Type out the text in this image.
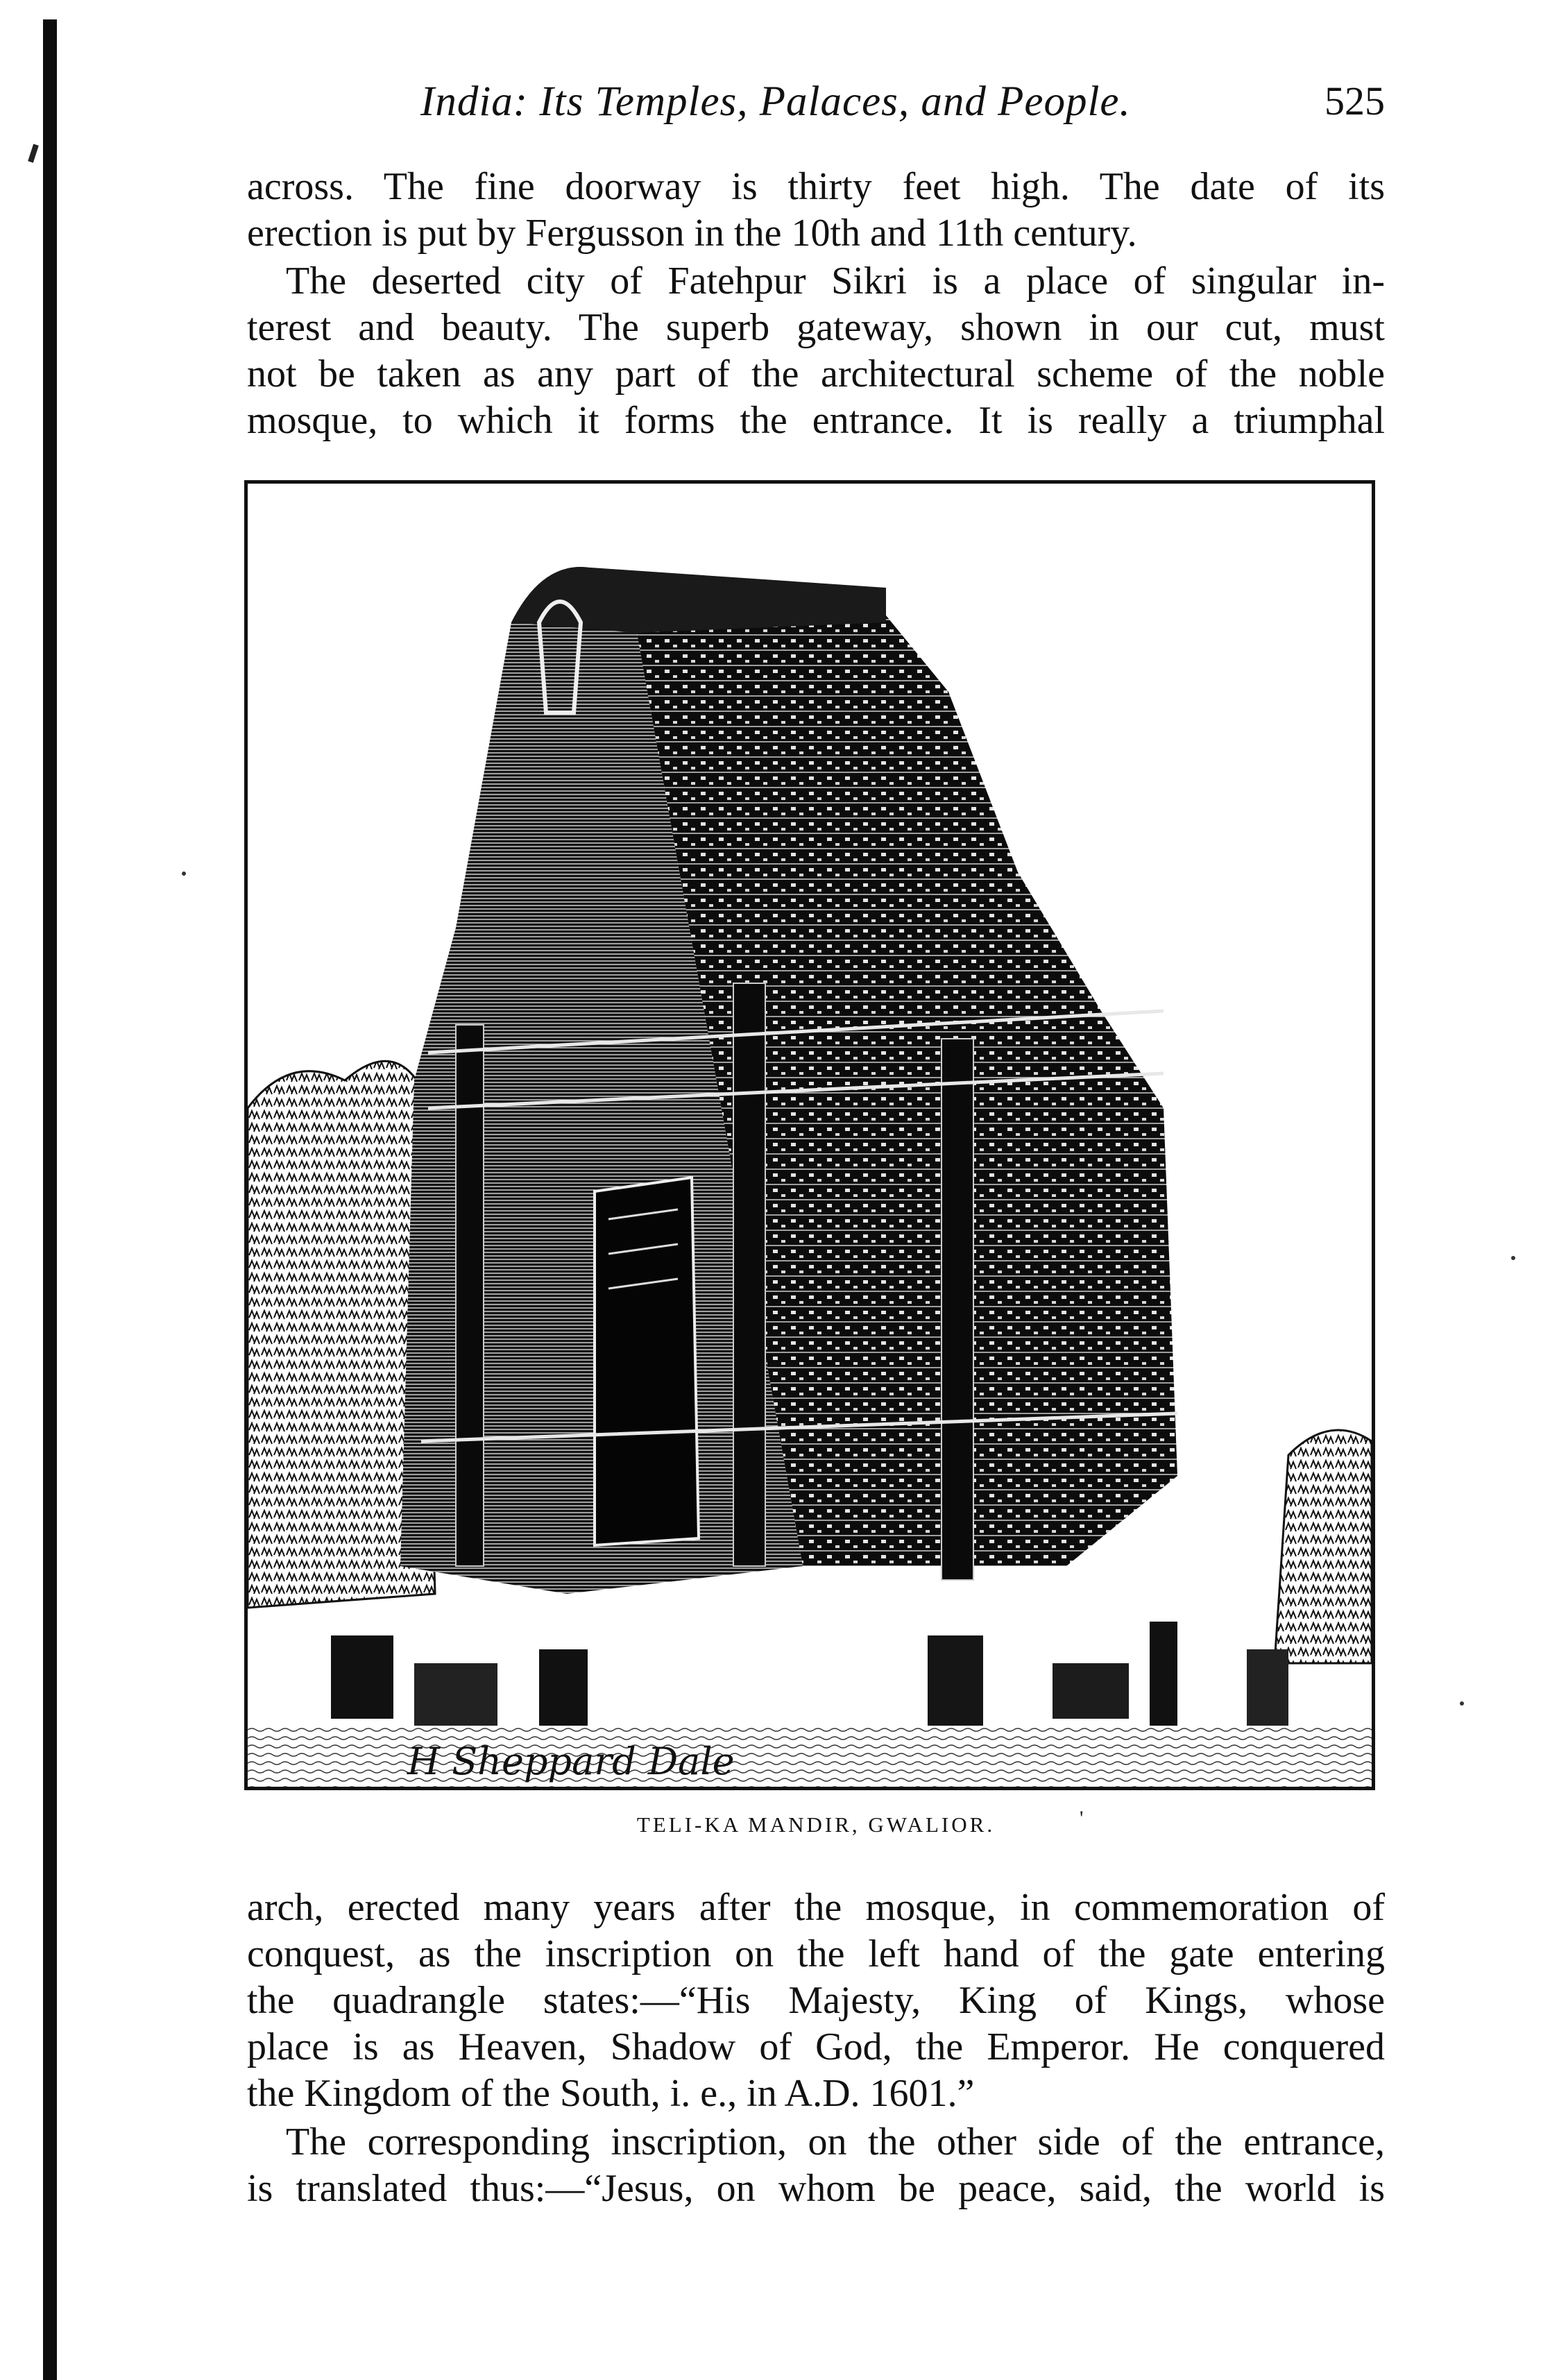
India: Its Temples, Palaces, and People.	525
across. The fine doorway is thirty feet high. The date of its
erection is put by Fergusson in the 10th and 11th century.
The deserted city of Fatehpur Sikri is a place of singular in-
terest and beauty. The superb gateway, shown in our cut, must
not be taken as any part of the architectural scheme of the noble
mosque, to which it forms the entrance. It is really a triumphal
H Sheppard Dale
TELI-KA MANDIR, GWALIOR.	'
arch, erected many years after the mosque, in commemoration of
conquest, as the inscription on the left hand of the gate entering
the quadrangle states:—“His Majesty, King of Kings, whose
place is as Heaven, Shadow of God, the Emperor. He conquered
the Kingdom of the South, i. e., in A.D. 1601.”
The corresponding inscription, on the other side of the entrance,
is translated thus:—“Jesus, on whom be peace, said, the world is
